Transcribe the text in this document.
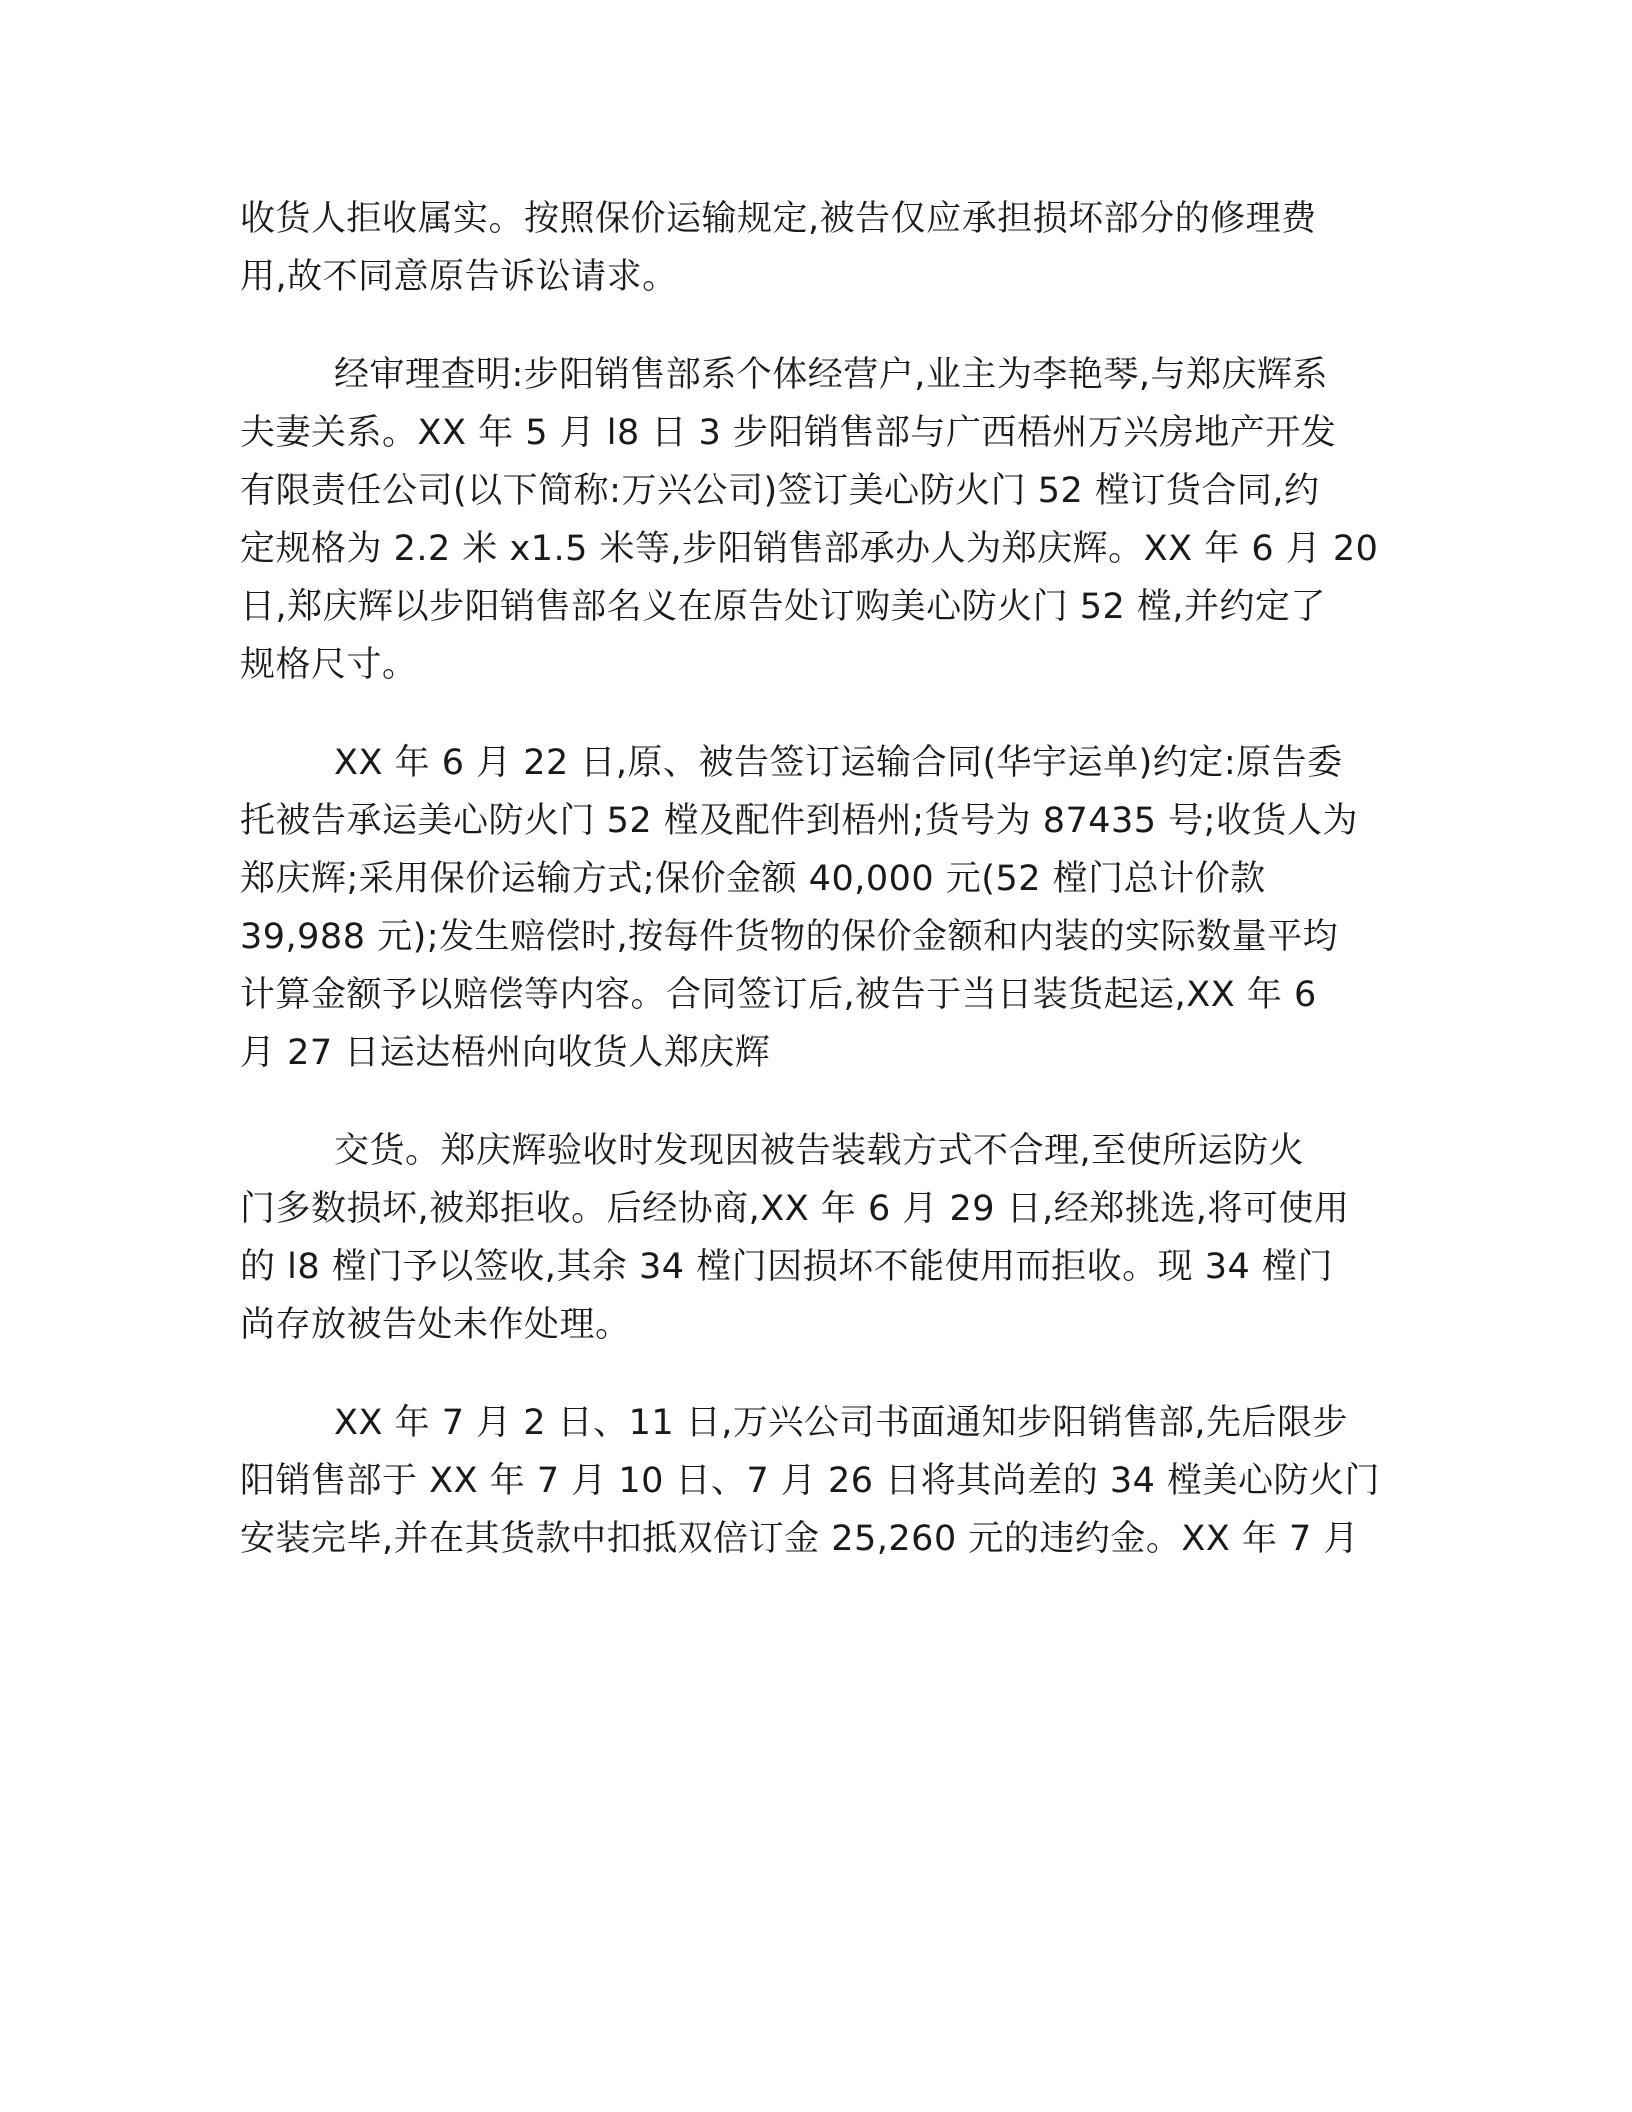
收货人拒收属实。按照保价运输规定,被告仅应承担损坏部分的修理费
用,故不同意原告诉讼请求。
经审理查明:步阳销售部系个体经营户,业主为李艳琴,与郑庆辉系
夫妻关系。XX 年 5 月 l8 日 3 步阳销售部与广西梧州万兴房地产开发
有限责任公司(以下简称:万兴公司)签订美心防火门 52 樘订货合同,约
定规格为 2.2 米 x1.5 米等,步阳销售部承办人为郑庆辉。XX 年 6 月 20
日,郑庆辉以步阳销售部名义在原告处订购美心防火门 52 樘,并约定了
规格尺寸。
XX 年 6 月 22 日,原、被告签订运输合同(华宇运单)约定:原告委
托被告承运美心防火门 52 樘及配件到梧州;货号为 87435 号;收货人为
郑庆辉;采用保价运输方式;保价金额 40,000 元(52 樘门总计价款
39,988 元);发生赔偿时,按每件货物的保价金额和内装的实际数量平均
计算金额予以赔偿等内容。合同签订后,被告于当日装货起运,XX 年 6
月 27 日运达梧州向收货人郑庆辉
交货。郑庆辉验收时发现因被告装载方式不合理,至使所运防火
门多数损坏,被郑拒收。后经协商,XX 年 6 月 29 日,经郑挑选,将可使用
的 l8 樘门予以签收,其余 34 樘门因损坏不能使用而拒收。现 34 樘门
尚存放被告处未作处理。
XX 年 7 月 2 日、11 日,万兴公司书面通知步阳销售部,先后限步
阳销售部于 XX 年 7 月 10 日、7 月 26 日将其尚差的 34 樘美心防火门
安装完毕,并在其货款中扣抵双倍订金 25,260 元的违约金。XX 年 7 月
